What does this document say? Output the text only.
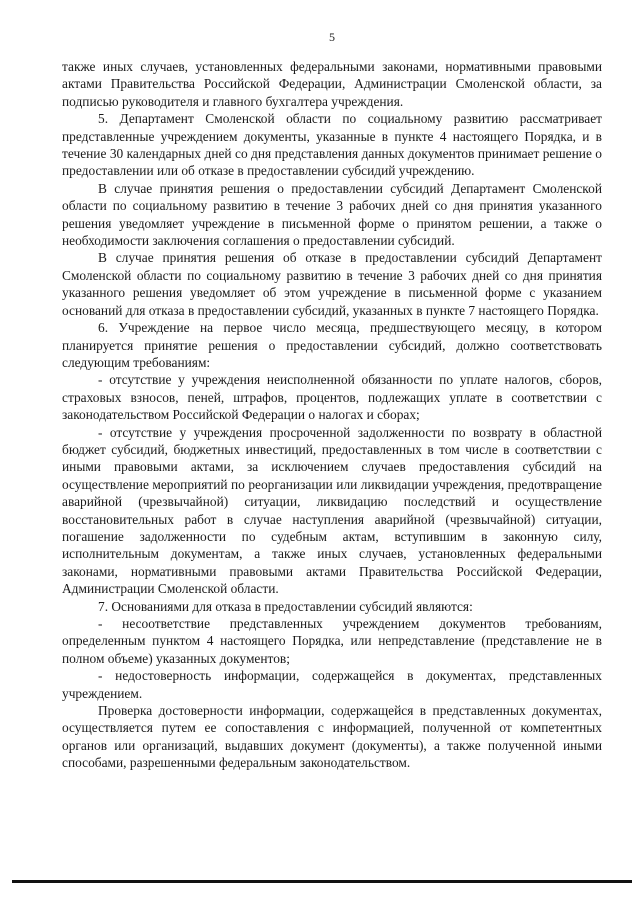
5

также иных случаев, установленных федеральными законами, нормативными правовыми актами Правительства Российской Федерации, Администрации Смоленской области, за подписью руководителя и главного бухгалтера учреждения.

5. Департамент Смоленской области по социальному развитию рассматривает представленные учреждением документы, указанные в пункте 4 настоящего Порядка, и в течение 30 календарных дней со дня представления данных документов принимает решение о предоставлении или об отказе в предоставлении субсидий учреждению.

В случае принятия решения о предоставлении субсидий Департамент Смоленской области по социальному развитию в течение 3 рабочих дней со дня принятия указанного решения уведомляет учреждение в письменной форме о принятом решении, а также о необходимости заключения соглашения о предоставлении субсидий.

В случае принятия решения об отказе в предоставлении субсидий Департамент Смоленской области по социальному развитию в течение 3 рабочих дней со дня принятия указанного решения уведомляет об этом учреждение в письменной форме с указанием оснований для отказа в предоставлении субсидий, указанных в пункте 7 настоящего Порядка.

6. Учреждение на первое число месяца, предшествующего месяцу, в котором планируется принятие решения о предоставлении субсидий, должно соответствовать следующим требованиям:

- отсутствие у учреждения неисполненной обязанности по уплате налогов, сборов, страховых взносов, пеней, штрафов, процентов, подлежащих уплате в соответствии с законодательством Российской Федерации о налогах и сборах;

- отсутствие у учреждения просроченной задолженности по возврату в областной бюджет субсидий, бюджетных инвестиций, предоставленных в том числе в соответствии с иными правовыми актами, за исключением случаев предоставления субсидий на осуществление мероприятий по реорганизации или ликвидации учреждения, предотвращение аварийной (чрезвычайной) ситуации, ликвидацию последствий и осуществление восстановительных работ в случае наступления аварийной (чрезвычайной) ситуации, погашение задолженности по судебным актам, вступившим в законную силу, исполнительным документам, а также иных случаев, установленных федеральными законами, нормативными правовыми актами Правительства Российской Федерации, Администрации Смоленской области.

7. Основаниями для отказа в предоставлении субсидий являются:

- несоответствие представленных учреждением документов требованиям, определенным пунктом 4 настоящего Порядка, или непредставление (представление не в полном объеме) указанных документов;

- недостоверность информации, содержащейся в документах, представленных учреждением.

Проверка достоверности информации, содержащейся в представленных документах, осуществляется путем ее сопоставления с информацией, полученной от компетентных органов или организаций, выдавших документ (документы), а также полученной иными способами, разрешенными федеральным законодательством.
